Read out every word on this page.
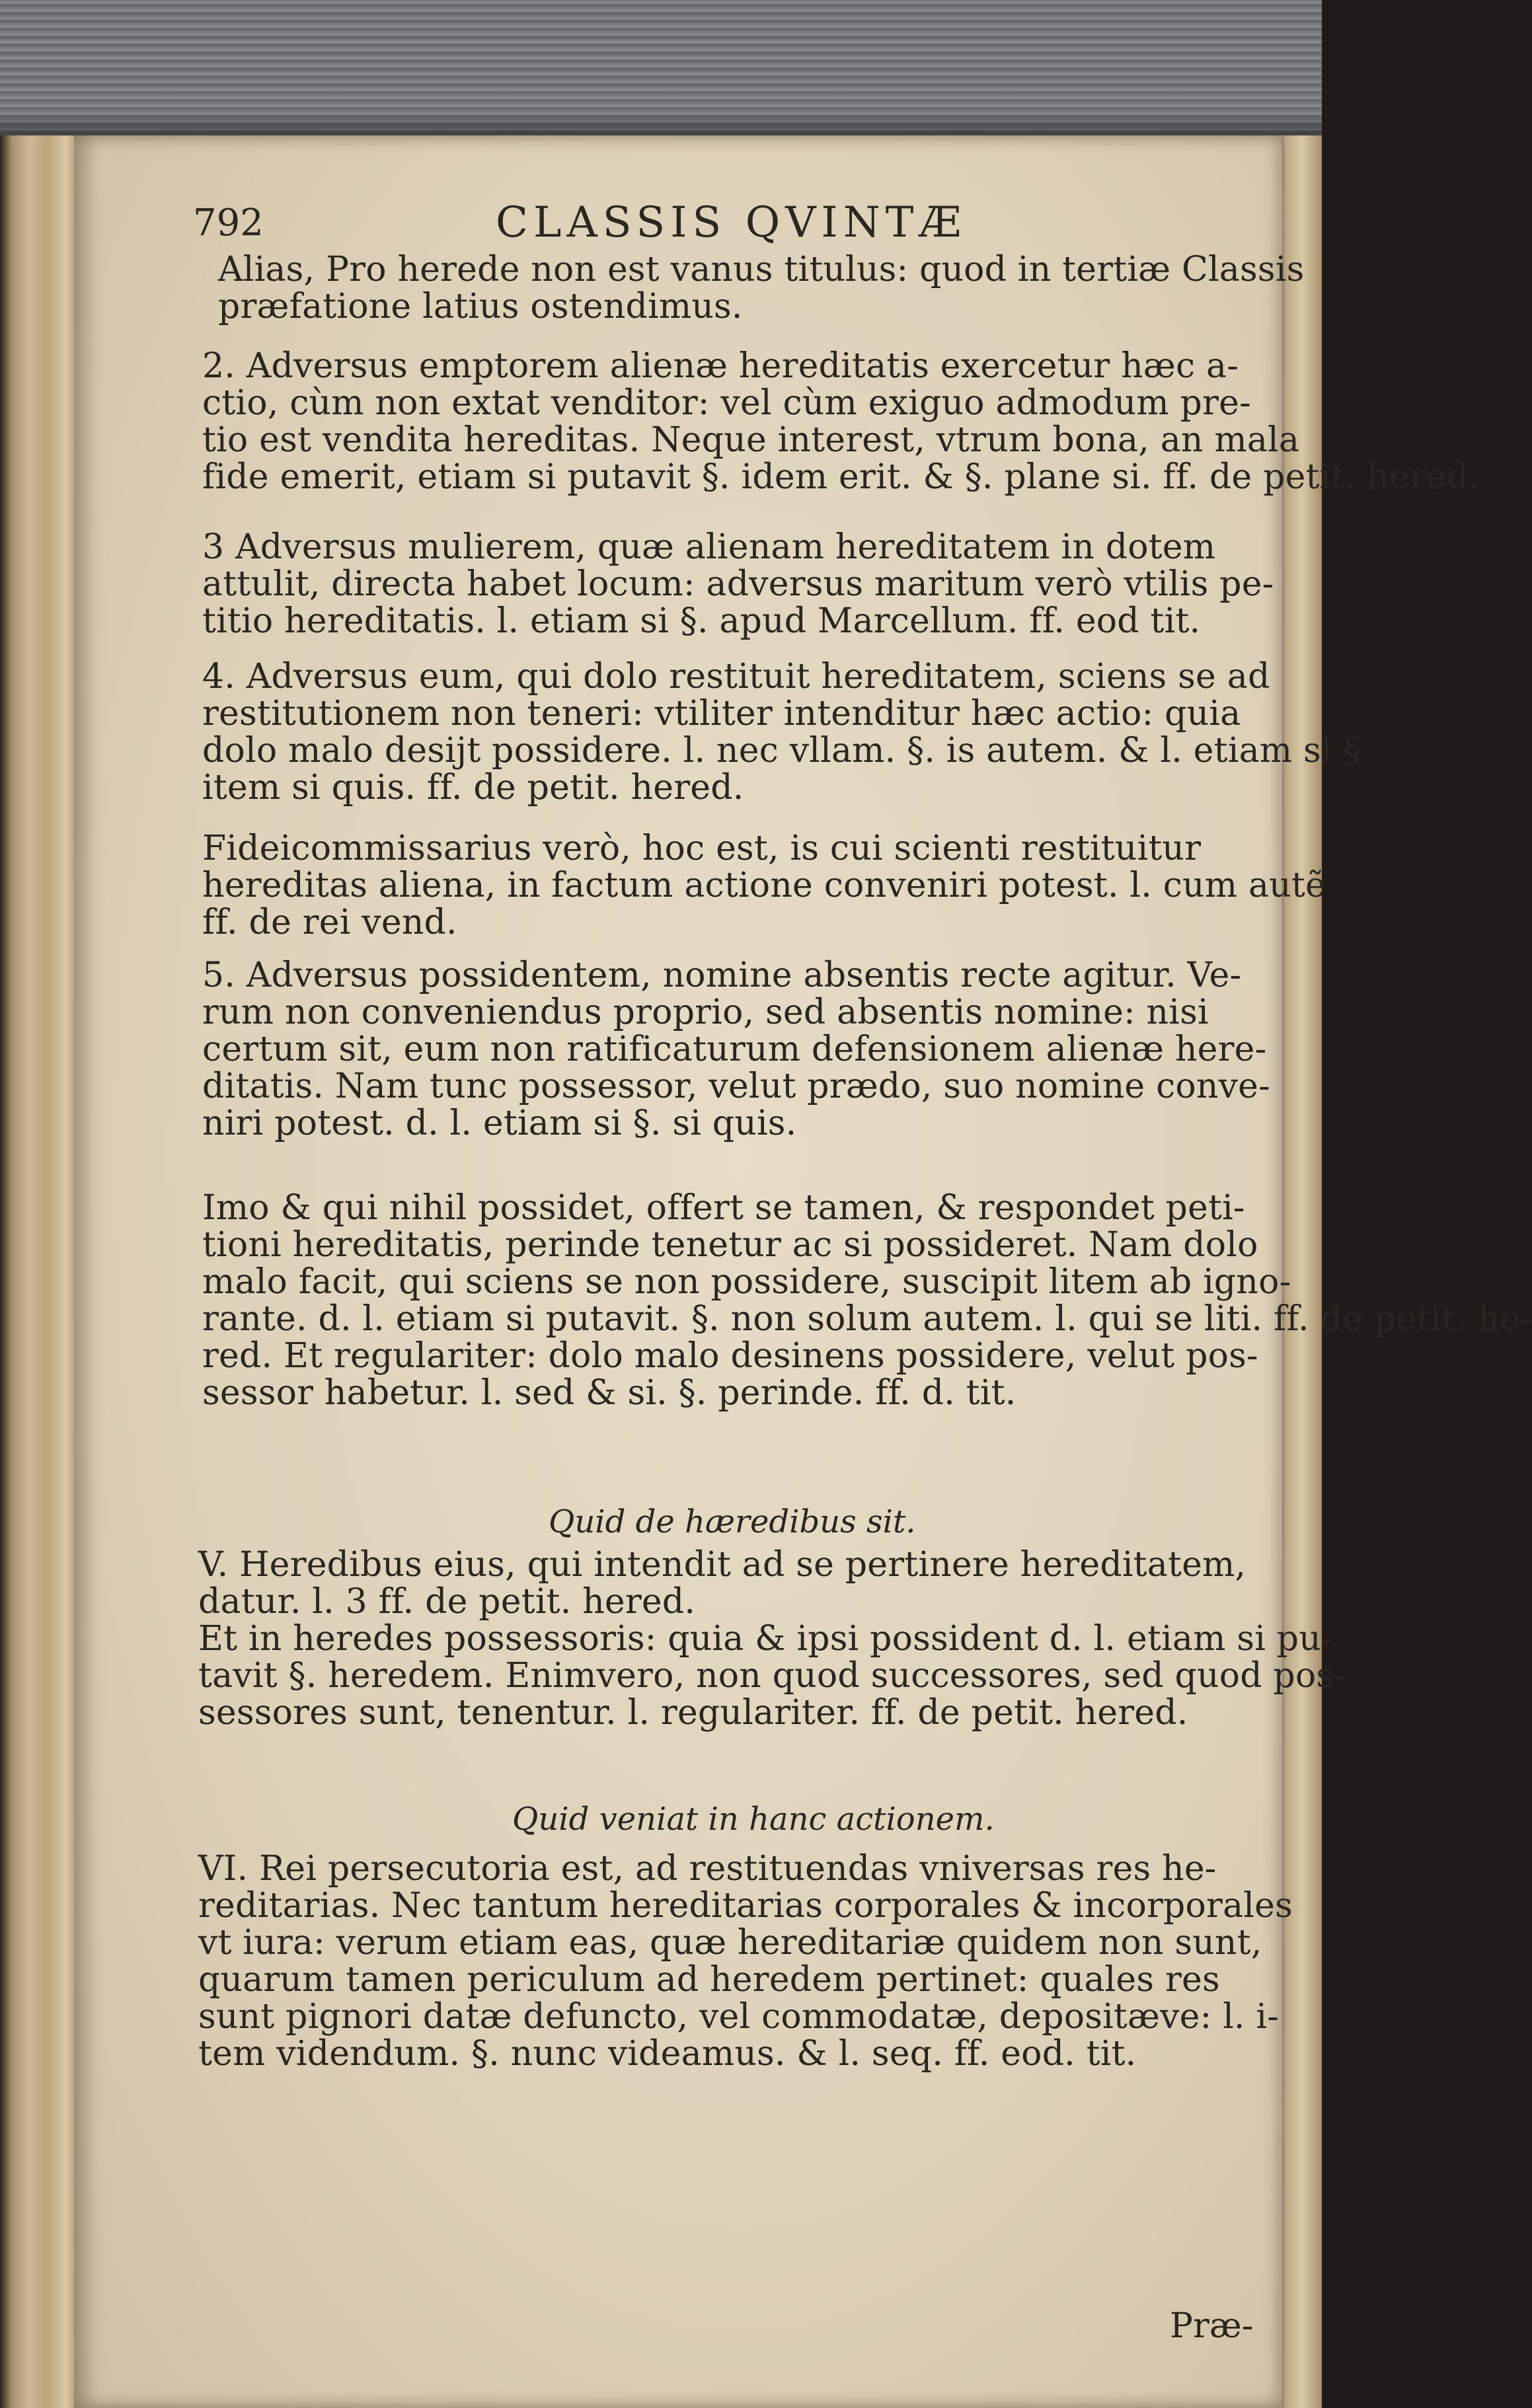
792	CLASSIS QVINTÆ
Alias, Pro herede non est vanus titulus: quod in tertiæ Classis
præfatione latius ostendimus.
2. Adversus emptorem alienæ hereditatis exercetur hæc a-
ctio, cùm non extat venditor: vel cùm exiguo admodum pre-
tio est vendita hereditas. Neque interest, vtrum bona, an mala
fide emerit, etiam si putavit §. idem erit. & §. plane si. ff. de petit. hered.
3 Adversus mulierem, quæ alienam hereditatem in dotem
attulit, directa habet locum: adversus maritum verò vtilis pe-
titio hereditatis. l. etiam si §. apud Marcellum. ff. eod tit.
4. Adversus eum, qui dolo restituit hereditatem, sciens se ad
restitutionem non teneri: vtiliter intenditur hæc actio: quia
dolo malo desijt possidere. l. nec vllam. §. is autem. & l. etiam si §.
item si quis. ff. de petit. hered.
Fideicommissarius verò, hoc est, is cui scienti restituitur
hereditas aliena, in factum actione conveniri potest. l. cum autẽ
ff. de rei vend.
5. Adversus possidentem, nomine absentis recte agitur. Ve-
rum non conveniendus proprio, sed absentis nomine: nisi
certum sit, eum non ratificaturum defensionem alienæ here-
ditatis. Nam tunc possessor, velut prædo, suo nomine conve-
niri potest. d. l. etiam si §. si quis.
Imo & qui nihil possidet, offert se tamen, & respondet peti-
tioni hereditatis, perinde tenetur ac si possideret. Nam dolo
malo facit, qui sciens se non possidere, suscipit litem ab igno-
rante. d. l. etiam si putavit. §. non solum autem. l. qui se liti. ff. de petit. he-
red. Et regulariter: dolo malo desinens possidere, velut pos-
sessor habetur. l. sed & si. §. perinde. ff. d. tit.
Quid de hæredibus sit.
V. Heredibus eius, qui intendit ad se pertinere hereditatem,
datur. l. 3 ff. de petit. hered.
Et in heredes possessoris: quia & ipsi possident d. l. etiam si pu-
tavit §. heredem. Enimvero, non quod successores, sed quod pos-
sessores sunt, tenentur. l. regulariter. ff. de petit. hered.
Quid veniat in hanc actionem.
VI. Rei persecutoria est, ad restituendas vniversas res he-
reditarias. Nec tantum hereditarias corporales & incorporales
vt iura: verum etiam eas, quæ hereditariæ quidem non sunt,
quarum tamen periculum ad heredem pertinet: quales res
sunt pignori datæ defuncto, vel commodatæ, depositæve: l. i-
tem videndum. §. nunc videamus. & l. seq. ff. eod. tit.
Præ-
